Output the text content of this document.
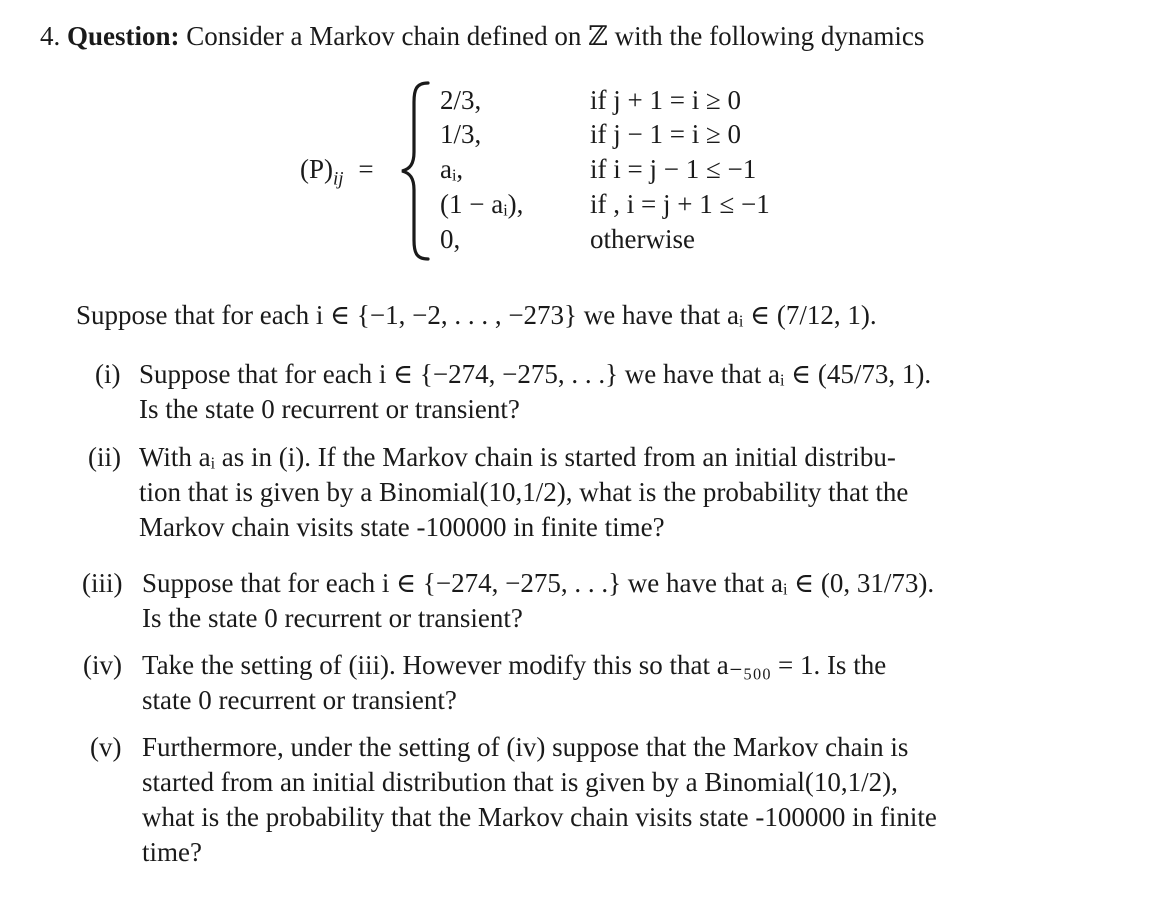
4. Question: Consider a Markov chain defined on ℤ with the following dynamics
$(P)_{ij}$ =
2/3,	if j + 1 = i ≥ 0
1/3,	if j − 1 = i ≥ 0
aᵢ,	if i = j − 1 ≤ −1
(1 − aᵢ), if , i = j + 1 ≤ −1
0,	otherwise
Suppose that for each i ∈ {−1, −2, . . . , −273} we have that aᵢ ∈ (7/12, 1).
(i) Suppose that for each i ∈ {−274, −275, . . .} we have that aᵢ ∈ (45/73, 1).
Is the state 0 recurrent or transient?
(ii) With aᵢ as in (i). If the Markov chain is started from an initial distribu-
tion that is given by a Binomial(10,1/2), what is the probability that the
Markov chain visits state -100000 in finite time?
(iii) Suppose that for each i ∈ {−274, −275, . . .} we have that aᵢ ∈ (0, 31/73).
Is the state 0 recurrent or transient?
(iv) Take the setting of (iii). However modify this so that a₋₅₀₀ = 1. Is the
state 0 recurrent or transient?
(v) Furthermore, under the setting of (iv) suppose that the Markov chain is
started from an initial distribution that is given by a Binomial(10,1/2),
what is the probability that the Markov chain visits state -100000 in finite
time?
